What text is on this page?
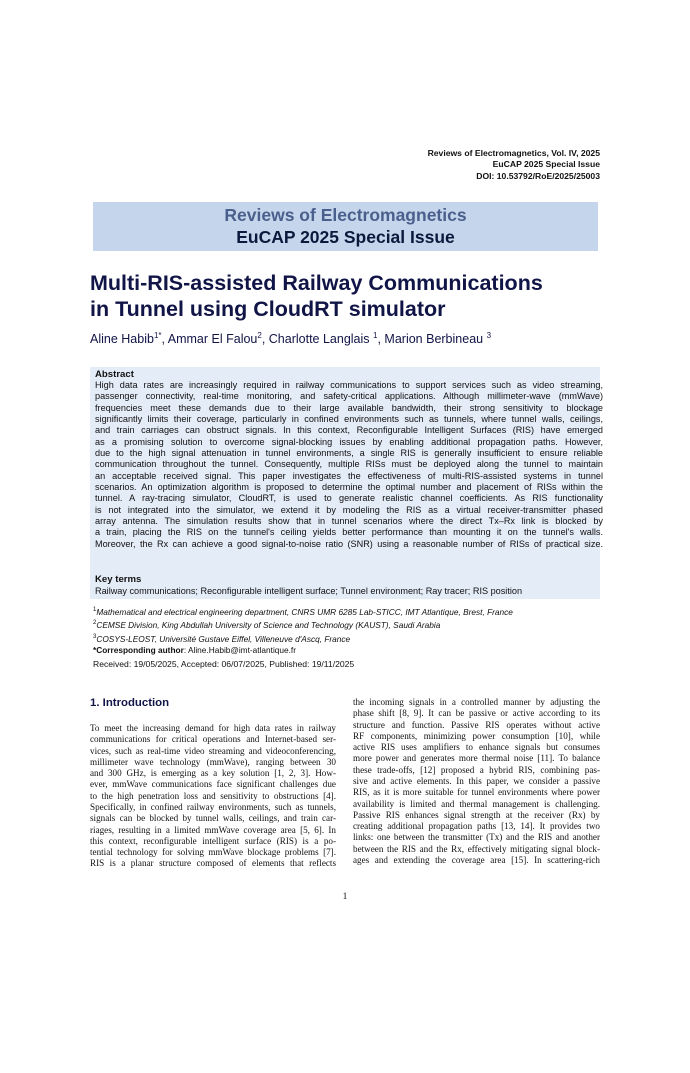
Reviews of Electromagnetics, Vol. IV, 2025
EuCAP 2025 Special Issue
DOI: 10.53792/RoE/2025/25003
Reviews of Electromagnetics
EuCAP 2025 Special Issue
Multi-RIS-assisted Railway Communications
in Tunnel using CloudRT simulator
Aline Habib$^{1*}$, Ammar El Falou$^2$, Charlotte Langlais $^1$, Marion Berbineau $^3$
Abstract
High data rates are increasingly required in railway communications to support services such as video streaming,
passenger connectivity, real-time monitoring, and safety-critical applications. Although millimeter-wave (mmWave)
frequencies meet these demands due to their large available bandwidth, their strong sensitivity to blockage
significantly limits their coverage, particularly in confined environments such as tunnels, where tunnel walls, ceilings,
and train carriages can obstruct signals. In this context, Reconfigurable Intelligent Surfaces (RIS) have emerged
as a promising solution to overcome signal-blocking issues by enabling additional propagation paths. However,
due to the high signal attenuation in tunnel environments, a single RIS is generally insufficient to ensure reliable
communication throughout the tunnel. Consequently, multiple RISs must be deployed along the tunnel to maintain
an acceptable received signal. This paper investigates the effectiveness of multi-RIS-assisted systems in tunnel
scenarios. An optimization algorithm is proposed to determine the optimal number and placement of RISs within the
tunnel. A ray-tracing simulator, CloudRT, is used to generate realistic channel coefficients. As RIS functionality
is not integrated into the simulator, we extend it by modeling the RIS as a virtual receiver-transmitter phased
array antenna. The simulation results show that in tunnel scenarios where the direct Tx–Rx link is blocked by
a train, placing the RIS on the tunnel's ceiling yields better performance than mounting it on the tunnel's walls.
Moreover, the Rx can achieve a good signal-to-noise ratio (SNR) using a reasonable number of RISs of practical size.
Key terms
Railway communications; Reconfigurable intelligent surface; Tunnel environment; Ray tracer; RIS position
$^1$Mathematical and electrical engineering department, CNRS UMR 6285 Lab-STICC, IMT Atlantique, Brest, France
$^2$CEMSE Division, King Abdullah University of Science and Technology (KAUST), Saudi Arabia
$^3$COSYS-LEOST, Université Gustave Eiffel, Villeneuve d'Ascq, France
*Corresponding author: Aline.Habib@imt-atlantique.fr
Received: 19/05/2025, Accepted: 06/07/2025, Published: 19/11/2025
1. Introduction
To meet the increasing demand for high data rates in railway
communications for critical operations and Internet-based ser-
vices, such as real-time video streaming and videoconferencing,
millimeter wave technology (mmWave), ranging between 30
and 300 GHz, is emerging as a key solution [1, 2, 3]. How-
ever, mmWave communications face significant challenges due
to the high penetration loss and sensitivity to obstructions [4].
Specifically, in confined railway environments, such as tunnels,
signals can be blocked by tunnel walls, ceilings, and train car-
riages, resulting in a limited mmWave coverage area [5, 6]. In
this context, reconfigurable intelligent surface (RIS) is a po-
tential technology for solving mmWave blockage problems [7].
RIS is a planar structure composed of elements that reflects
the incoming signals in a controlled manner by adjusting the
phase shift [8, 9]. It can be passive or active according to its
structure and function. Passive RIS operates without active
RF components, minimizing power consumption [10], while
active RIS uses amplifiers to enhance signals but consumes
more power and generates more thermal noise [11]. To balance
these trade-offs, [12] proposed a hybrid RIS, combining pas-
sive and active elements. In this paper, we consider a passive
RIS, as it is more suitable for tunnel environments where power
availability is limited and thermal management is challenging.
Passive RIS enhances signal strength at the receiver (Rx) by
creating additional propagation paths [13, 14]. It provides two
links: one between the transmitter (Tx) and the RIS and another
between the RIS and the Rx, effectively mitigating signal block-
ages and extending the coverage area [15]. In scattering-rich
1
